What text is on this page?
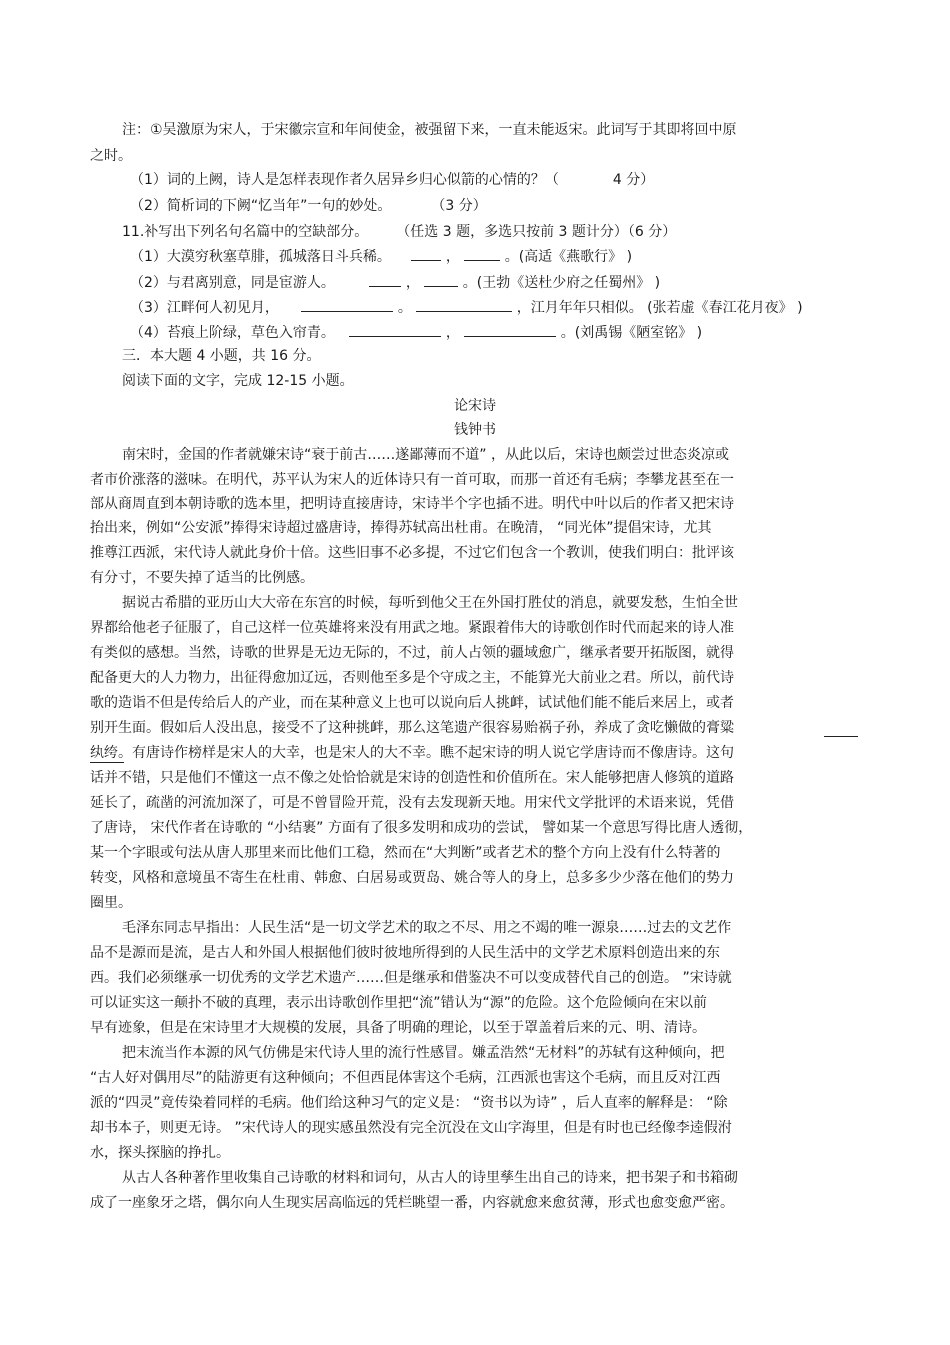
注：①吴激原为宋人，于宋徽宗宣和年间使金，被强留下来，一直未能返宋。此词写于其即将回中原
之时。
（1）词的上阙，诗人是怎样表现作者久居异乡归心似箭的心情的？（	4 分）
（2）简析词的下阙“忆当年”一句的妙处。	（3 分）
11.补写出下列名句名篇中的空缺部分。 （任选 3 题，多选只按前 3 题计分）（6 分）
（1）大漠穷秋塞草腓，孤城落日斗兵稀。	，	。(高适《燕歌行》 )
（2）与君离别意，同是宦游人。	，	。(王勃《送杜少府之任蜀州》 )
（3）江畔何人初见月，	。	，江月年年只相似。 (张若虚《春江花月夜》 )
（4）苔痕上阶绿，草色入帘青。	，	。(刘禹锡《陋室铭》 )
三．本大题 4 小题，共 16 分。
阅读下面的文字，完成 12-15 小题。
论宋诗
钱钟书
南宋时，金国的作者就嫌宋诗“衰于前古……遂鄙薄而不道” ，从此以后，宋诗也颇尝过世态炎凉或
者市价涨落的滋味。在明代，苏平认为宋人的近体诗只有一首可取，而那一首还有毛病；李攀龙甚至在一
部从商周直到本朝诗歌的选本里，把明诗直接唐诗，宋诗半个字也插不进。明代中叶以后的作者又把宋诗
抬出来，例如“公安派”捧得宋诗超过盛唐诗，捧得苏轼高出杜甫。在晚清， “同光体”提倡宋诗，尤其
推尊江西派，宋代诗人就此身价十倍。这些旧事不必多提，不过它们包含一个教训，使我们明白：批评该
有分寸，不要失掉了适当的比例感。
据说古希腊的亚历山大大帝在东宫的时候，每听到他父王在外国打胜仗的消息，就要发愁，生怕全世
界都给他老子征服了，自己这样一位英雄将来没有用武之地。紧跟着伟大的诗歌创作时代而起来的诗人准
有类似的感想。当然，诗歌的世界是无边无际的，不过，前人占领的疆域愈广，继承者要开拓版图，就得
配备更大的人力物力，出征得愈加辽远，否则他至多是个守成之主，不能算光大前业之君。所以，前代诗
歌的造诣不但是传给后人的产业，而在某种意义上也可以说向后人挑衅，试试他们能不能后来居上，或者
别开生面。假如后人没出息，接受不了这种挑衅，那么这笔遗产很容易贻祸子孙，养成了贪吃懒做的膏粱
纨绔。有唐诗作榜样是宋人的大幸，也是宋人的大不幸。瞧不起宋诗的明人说它学唐诗而不像唐诗。这句
话并不错，只是他们不懂这一点不像之处恰恰就是宋诗的创造性和价值所在。宋人能够把唐人修筑的道路
延长了，疏凿的河流加深了，可是不曾冒险开荒，没有去发现新天地。用宋代文学批评的术语来说，凭借
了唐诗， 宋代作者在诗歌的 “小结裹” 方面有了很多发明和成功的尝试， 譬如某一个意思写得比唐人透彻，
某一个字眼或句法从唐人那里来而比他们工稳，然而在“大判断”或者艺术的整个方向上没有什么特著的
转变，风格和意境虽不寄生在杜甫、韩愈、白居易或贾岛、姚合等人的身上，总多多少少落在他们的势力
圈里。
毛泽东同志早指出：人民生活“是一切文学艺术的取之不尽、用之不竭的唯一源泉……过去的文艺作
品不是源而是流，是古人和外国人根据他们彼时彼地所得到的人民生活中的文学艺术原料创造出来的东
西。我们必须继承一切优秀的文学艺术遗产……但是继承和借鉴决不可以变成替代自己的创造。 ”宋诗就
可以证实这一颠扑不破的真理，表示出诗歌创作里把“流”错认为“源”的危险。这个危险倾向在宋以前
早有迹象，但是在宋诗里才大规模的发展，具备了明确的理论，以至于罩盖着后来的元、明、清诗。
把末流当作本源的风气仿佛是宋代诗人里的流行性感冒。嫌孟浩然“无材料”的苏轼有这种倾向，把
“古人好对偶用尽”的陆游更有这种倾向；不但西昆体害这个毛病，江西派也害这个毛病，而且反对江西
派的“四灵”竟传染着同样的毛病。他们给这种习气的定义是： “资书以为诗” ，后人直率的解释是： “除
却书本子，则更无诗。 ”宋代诗人的现实感虽然没有完全沉没在文山字海里，但是有时也已经像李逵假泭
水，探头探脑的挣扎。
从古人各种著作里收集自己诗歌的材料和词句，从古人的诗里孳生出自己的诗来，把书架子和书箱砌
成了一座象牙之塔，偶尔向人生现实居高临远的凭栏眺望一番，内容就愈来愈贫薄，形式也愈变愈严密。
